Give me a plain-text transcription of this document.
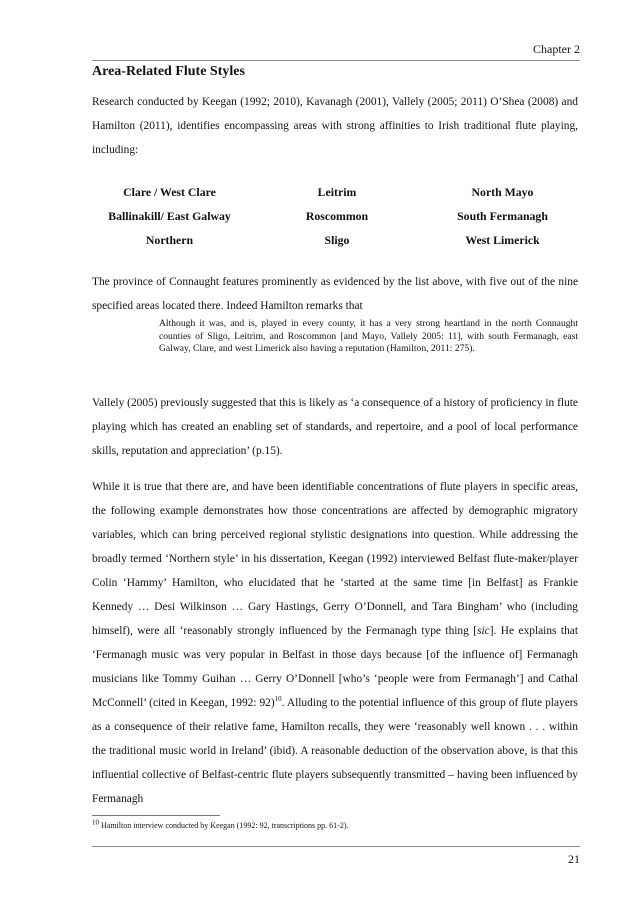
Chapter 2
Area-Related Flute Styles

Research conducted by Keegan (1992; 2010), Kavanagh (2001), Vallely (2005; 2011) O’Shea (2008) and Hamilton (2011), identifies encompassing areas with strong affinities to Irish traditional flute playing, including:

Clare / West Clare	Leitrim	North Mayo
Ballinakill/ East Galway	Roscommon	South Fermanagh
Northern	Sligo	West Limerick

The province of Connaught features prominently as evidenced by the list above, with five out of the nine specified areas located there. Indeed Hamilton remarks that

Although it was, and is, played in every county, it has a very strong heartland in the north Connaught counties of Sligo, Leitrim, and Roscommon [and Mayo, Vallely 2005: 11], with south Fermanagh, east Galway, Clare, and west Limerick also having a reputation (Hamilton, 2011: 275).

Vallely (2005) previously suggested that this is likely as ‘a consequence of a history of proficiency in flute playing which has created an enabling set of standards, and repertoire, and a pool of local performance skills, reputation and appreciation’ (p.15).

While it is true that there are, and have been identifiable concentrations of flute players in specific areas, the following example demonstrates how those concentrations are affected by demographic migratory variables, which can bring perceived regional stylistic designations into question. While addressing the broadly termed ‘Northern style’ in his dissertation, Keegan (1992) interviewed Belfast flute-maker/player Colin ‘Hammy’ Hamilton, who elucidated that he ‘started at the same time [in Belfast] as Frankie Kennedy … Desi Wilkinson … Gary Hastings, Gerry O’Donnell, and Tara Bingham’ who (including himself), were all ‘reasonably strongly influenced by the Fermanagh type thing [sic]. He explains that ‘Fermanagh music was very popular in Belfast in those days because [of the influence of] Fermanagh musicians like Tommy Guihan … Gerry O’Donnell [who’s ‘people were from Fermanagh’] and Cathal McConnell’ (cited in Keegan, 1992: 92)$^{10}$. Alluding to the potential influence of this group of flute players as a consequence of their relative fame, Hamilton recalls, they were ‘reasonably well known . . . within the traditional music world in Ireland’ (ibid). A reasonable deduction of the observation above, is that this influential collective of Belfast-centric flute players subsequently transmitted – having been influenced by Fermanagh

$^{10}$ Hamilton interview conducted by Keegan (1992: 92, transcriptions pp. 61-2).

21
